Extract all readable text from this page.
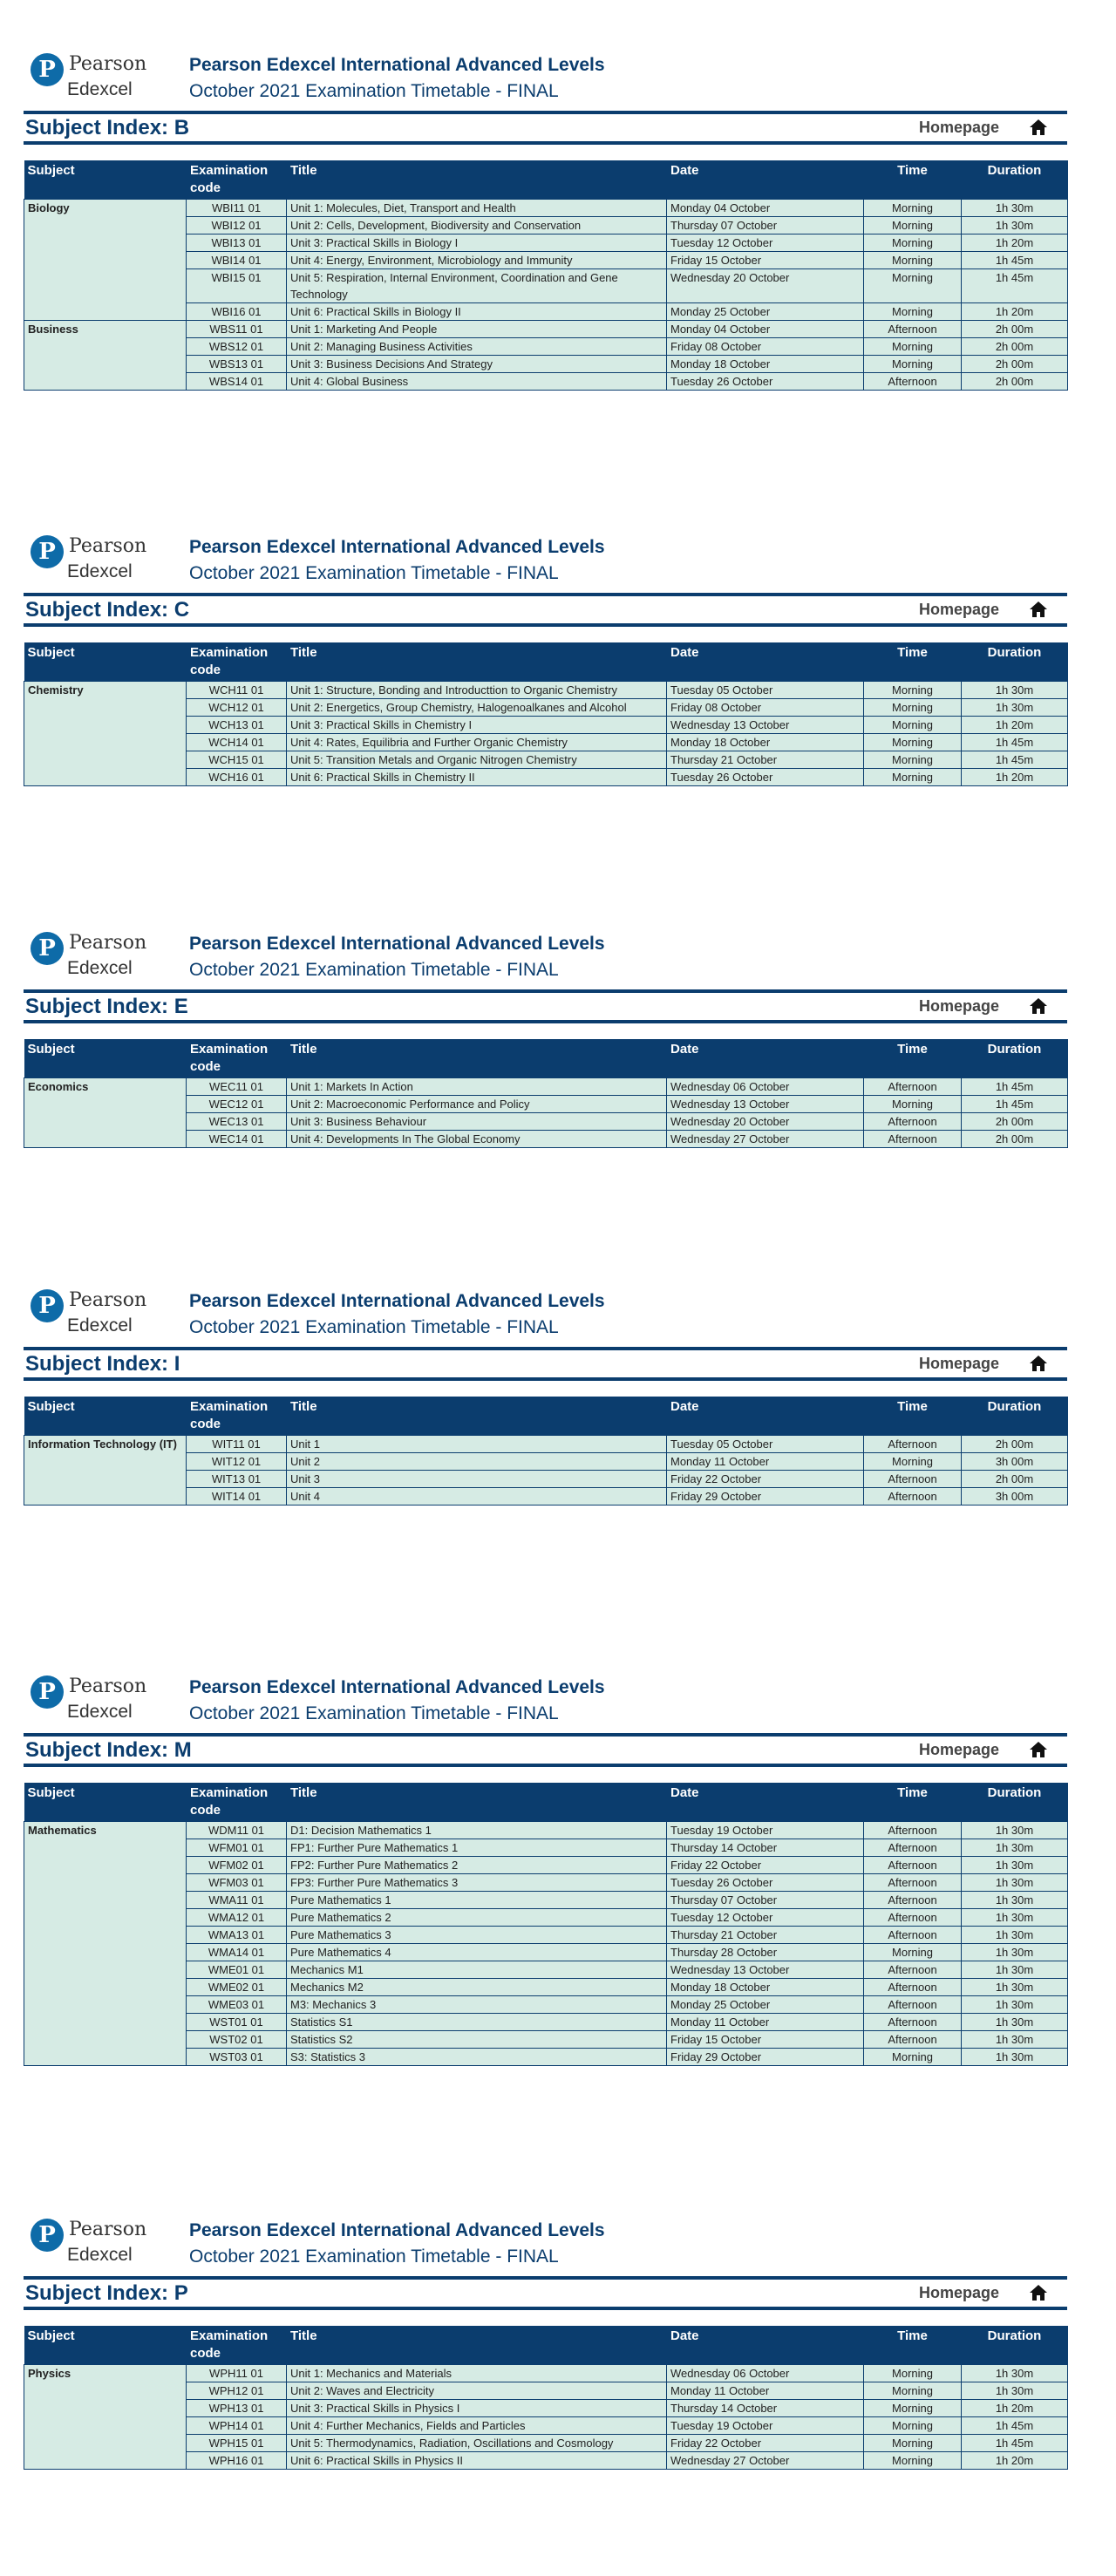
P Pearson
Edexcel
Pearson Edexcel International Advanced Levels
October 2021 Examination Timetable - FINAL
Subject Index: B	Homepage
Subject	Examination code	Title	Date	Time	Duration
Biology	WBI11 01	Unit 1: Molecules, Diet, Transport and Health	Monday 04 October	Morning	1h 30m
	WBI12 01	Unit 2: Cells, Development, Biodiversity and Conservation	Thursday 07 October	Morning	1h 30m
	WBI13 01	Unit 3: Practical Skills in Biology I	Tuesday 12 October	Morning	1h 20m
	WBI14 01	Unit 4: Energy, Environment, Microbiology and Immunity	Friday 15 October	Morning	1h 45m
	WBI15 01	Unit 5: Respiration, Internal Environment, Coordination and Gene Technology	Wednesday 20 October	Morning	1h 45m
	WBI16 01	Unit 6: Practical Skills in Biology II	Monday 25 October	Morning	1h 20m
Business	WBS11 01	Unit 1: Marketing And People	Monday 04 October	Afternoon	2h 00m
	WBS12 01	Unit 2: Managing Business Activities	Friday 08 October	Morning	2h 00m
	WBS13 01	Unit 3: Business Decisions And Strategy	Monday 18 October	Morning	2h 00m
	WBS14 01	Unit 4: Global Business	Tuesday 26 October	Afternoon	2h 00m
P Pearson
Edexcel
Pearson Edexcel International Advanced Levels
October 2021 Examination Timetable - FINAL
Subject Index: C	Homepage
Subject	Examination code	Title	Date	Time	Duration
Chemistry	WCH11 01	Unit 1: Structure, Bonding and Introducttion to Organic Chemistry	Tuesday 05 October	Morning	1h 30m
	WCH12 01	Unit 2: Energetics, Group Chemistry, Halogenoalkanes and Alcohol	Friday 08 October	Morning	1h 30m
	WCH13 01	Unit 3: Practical Skills in Chemistry I	Wednesday 13 October	Morning	1h 20m
	WCH14 01	Unit 4: Rates, Equilibria and Further Organic Chemistry	Monday 18 October	Morning	1h 45m
	WCH15 01	Unit 5: Transition Metals and Organic Nitrogen Chemistry	Thursday 21 October	Morning	1h 45m
	WCH16 01	Unit 6: Practical Skills in Chemistry II	Tuesday 26 October	Morning	1h 20m
P Pearson
Edexcel
Pearson Edexcel International Advanced Levels
October 2021 Examination Timetable - FINAL
Subject Index: E	Homepage
Subject	Examination code	Title	Date	Time	Duration
Economics	WEC11 01	Unit 1: Markets In Action	Wednesday 06 October	Afternoon	1h 45m
	WEC12 01	Unit 2: Macroeconomic Performance and Policy	Wednesday 13 October	Morning	1h 45m
	WEC13 01	Unit 3: Business Behaviour	Wednesday 20 October	Afternoon	2h 00m
	WEC14 01	Unit 4: Developments In The Global Economy	Wednesday 27 October	Afternoon	2h 00m
P Pearson
Edexcel
Pearson Edexcel International Advanced Levels
October 2021 Examination Timetable - FINAL
Subject Index: I	Homepage
Subject	Examination code	Title	Date	Time	Duration
Information Technology (IT)	WIT11 01	Unit 1	Tuesday 05 October	Afternoon	2h 00m
	WIT12 01	Unit 2	Monday 11 October	Morning	3h 00m
	WIT13 01	Unit 3	Friday 22 October	Afternoon	2h 00m
	WIT14 01	Unit 4	Friday 29 October	Afternoon	3h 00m
P Pearson
Edexcel
Pearson Edexcel International Advanced Levels
October 2021 Examination Timetable - FINAL
Subject Index: M	Homepage
Subject	Examination code	Title	Date	Time	Duration
Mathematics	WDM11 01	D1: Decision Mathematics 1	Tuesday 19 October	Afternoon	1h 30m
	WFM01 01	FP1: Further Pure Mathematics 1	Thursday 14 October	Afternoon	1h 30m
	WFM02 01	FP2: Further Pure Mathematics 2	Friday 22 October	Afternoon	1h 30m
	WFM03 01	FP3: Further Pure Mathematics 3	Tuesday 26 October	Afternoon	1h 30m
	WMA11 01	Pure Mathematics 1	Thursday 07 October	Afternoon	1h 30m
	WMA12 01	Pure Mathematics 2	Tuesday 12 October	Afternoon	1h 30m
	WMA13 01	Pure Mathematics 3	Thursday 21 October	Afternoon	1h 30m
	WMA14 01	Pure Mathematics 4	Thursday 28 October	Morning	1h 30m
	WME01 01	Mechanics M1	Wednesday 13 October	Afternoon	1h 30m
	WME02 01	Mechanics M2	Monday 18 October	Afternoon	1h 30m
	WME03 01	M3: Mechanics 3	Monday 25 October	Afternoon	1h 30m
	WST01 01	Statistics S1	Monday 11 October	Afternoon	1h 30m
	WST02 01	Statistics S2	Friday 15 October	Afternoon	1h 30m
	WST03 01	S3: Statistics 3	Friday 29 October	Morning	1h 30m
P Pearson
Edexcel
Pearson Edexcel International Advanced Levels
October 2021 Examination Timetable - FINAL
Subject Index: P	Homepage
Subject	Examination code	Title	Date	Time	Duration
Physics	WPH11 01	Unit 1: Mechanics and Materials	Wednesday 06 October	Morning	1h 30m
	WPH12 01	Unit 2: Waves and Electricity	Monday 11 October	Morning	1h 30m
	WPH13 01	Unit 3: Practical Skills in Physics I	Thursday 14 October	Morning	1h 20m
	WPH14 01	Unit 4: Further Mechanics, Fields and Particles	Tuesday 19 October	Morning	1h 45m
	WPH15 01	Unit 5: Thermodynamics, Radiation, Oscillations and Cosmology	Friday 22 October	Morning	1h 45m
	WPH16 01	Unit 6: Practical Skills in Physics II	Wednesday 27 October	Morning	1h 20m
